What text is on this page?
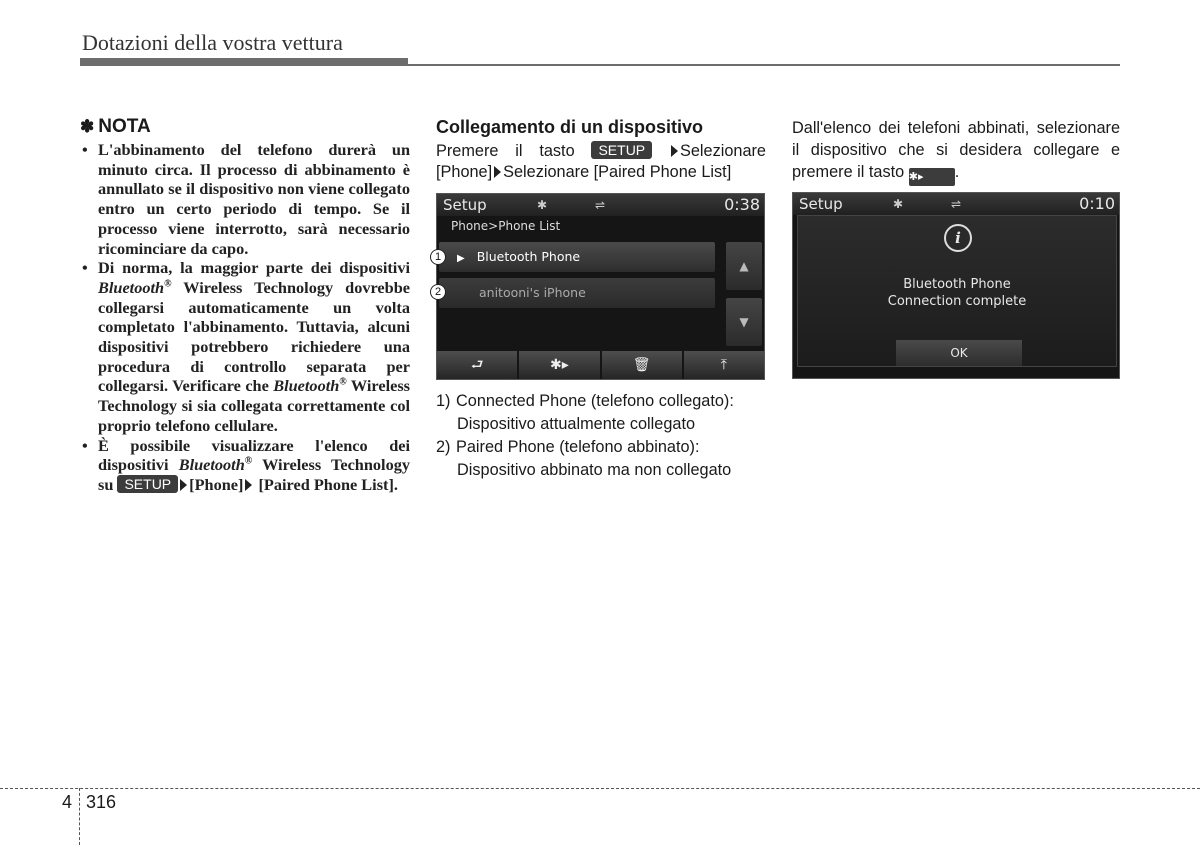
Dotazioni della vostra vettura
✽ NOTA
• L'abbinamento del telefono durerà un minuto circa. Il processo di abbinamento è annullato se il dispositivo non viene collegato entro un certo periodo di tempo. Se il processo viene interrotto, sarà necessario ricominciare da capo.
• Di norma, la maggior parte dei dispositivi Bluetooth® Wireless Technology dovrebbe collegarsi automaticamente un volta completato l'abbinamento. Tuttavia, alcuni dispositivi potrebbero richiedere una procedura di controllo separata per collegarsi. Verificare che Bluetooth® Wireless Technology si sia collegata correttamente col proprio telefono cellulare.
• È possibile visualizzare l'elenco dei dispositivi Bluetooth® Wireless Technology su SETUP [Phone] [Paired Phone List].
Collegamento di un dispositivo
Premere il tasto SETUP Selezionare [Phone] Selezionare [Paired Phone List]
Setup	✱	⇌	0:38
Phone>Phone List
▶ Bluetooth Phone
anitooni's iPhone
▲
▼
⮐	✱▸	🗑	⤒
1
2
1) Connected Phone (telefono collegato):
Dispositivo attualmente collegato
2) Paired Phone (telefono abbinato):
Dispositivo abbinato ma non collegato
Dall'elenco dei telefoni abbinati, selezionare il dispositivo che si desidera collegare e premere il tasto ✱▸ .
Setup	✱	⇌	0:10
i
Bluetooth Phone
Connection complete
OK
4 316
